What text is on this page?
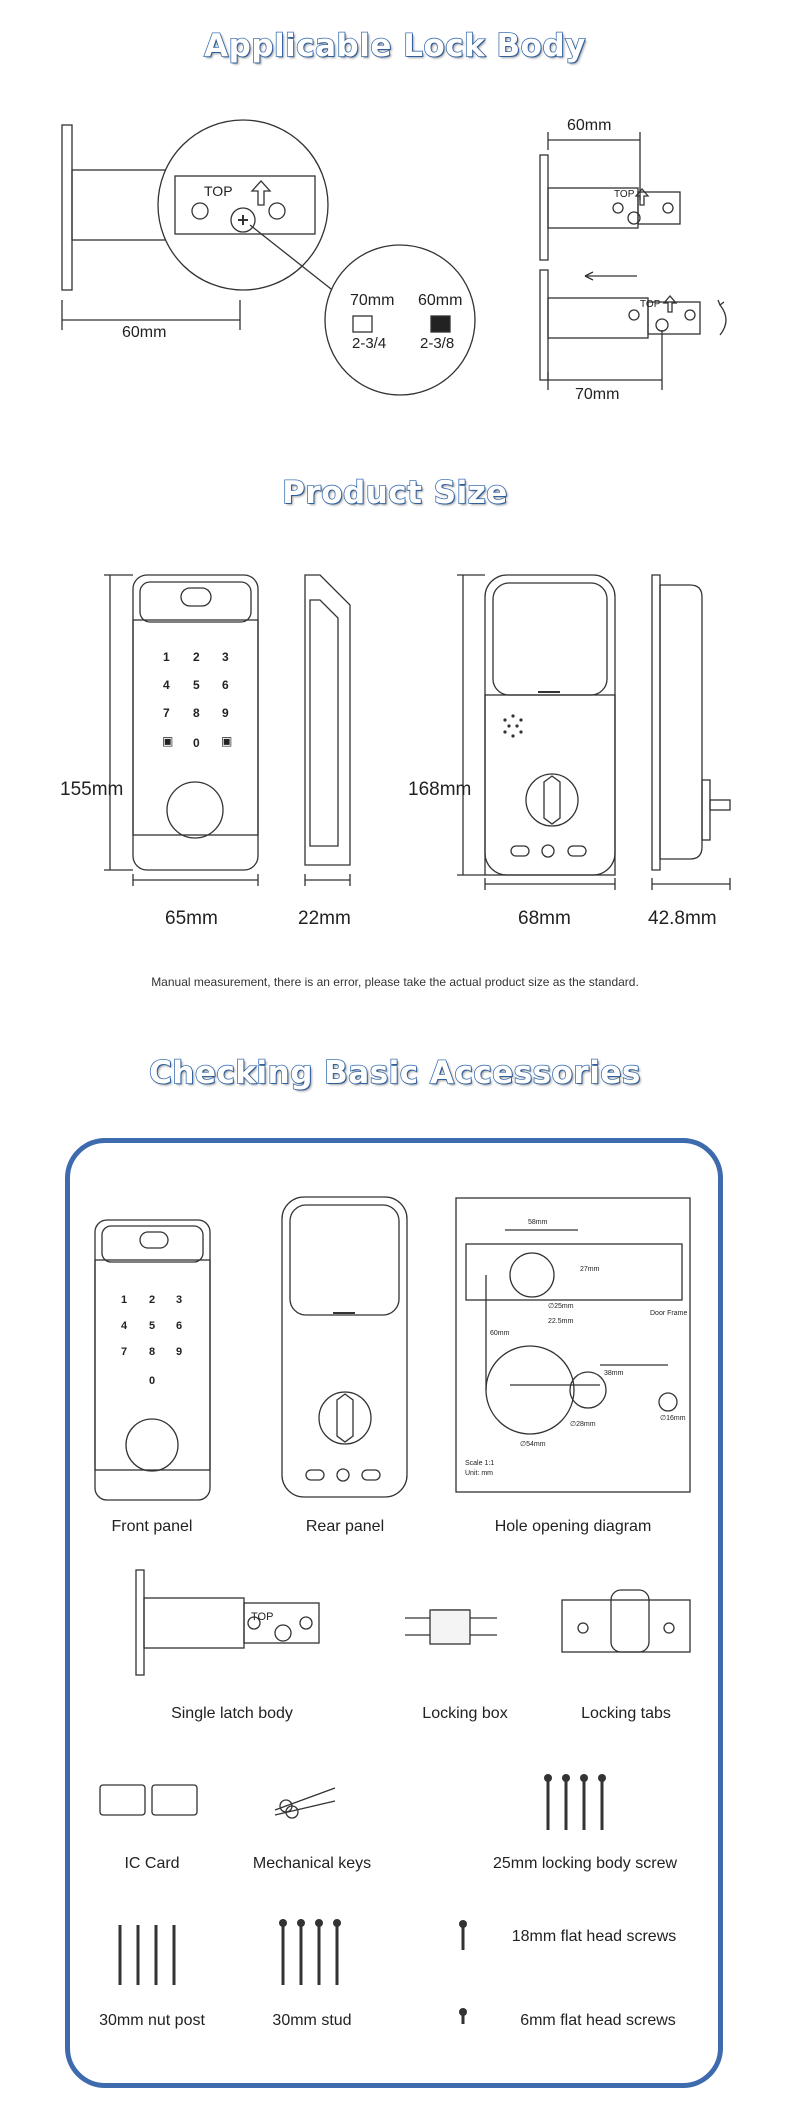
Applicable Lock Body
TOP
60mm
70mm 60mm
2-3/4 2-3/8
60mm
TOP
TOP
70mm
Product Size
1 2 3
4 5 6
7 8 9
0
▣	▣
155mm
65mm	22mm
168mm
68mm	42.8mm
Manual measurement, there is an error, please take the actual product size as the standard.
Checking Basic Accessories
58mm
27mm
∅25mm
22.5mm
60mm
∅54mm
∅28mm
38mm
∅16mm
Scale 1:1
Unit: mm
Door Frame
1 2 3
4 5 6
7 8 9
0
TOP
Front panel	Rear panel	Hole opening diagram
Single latch body	Locking box	Locking tabs
IC Card	Mechanical keys	25mm locking body screw
18mm flat head screws
30mm nut post	30mm stud	6mm flat head screws
